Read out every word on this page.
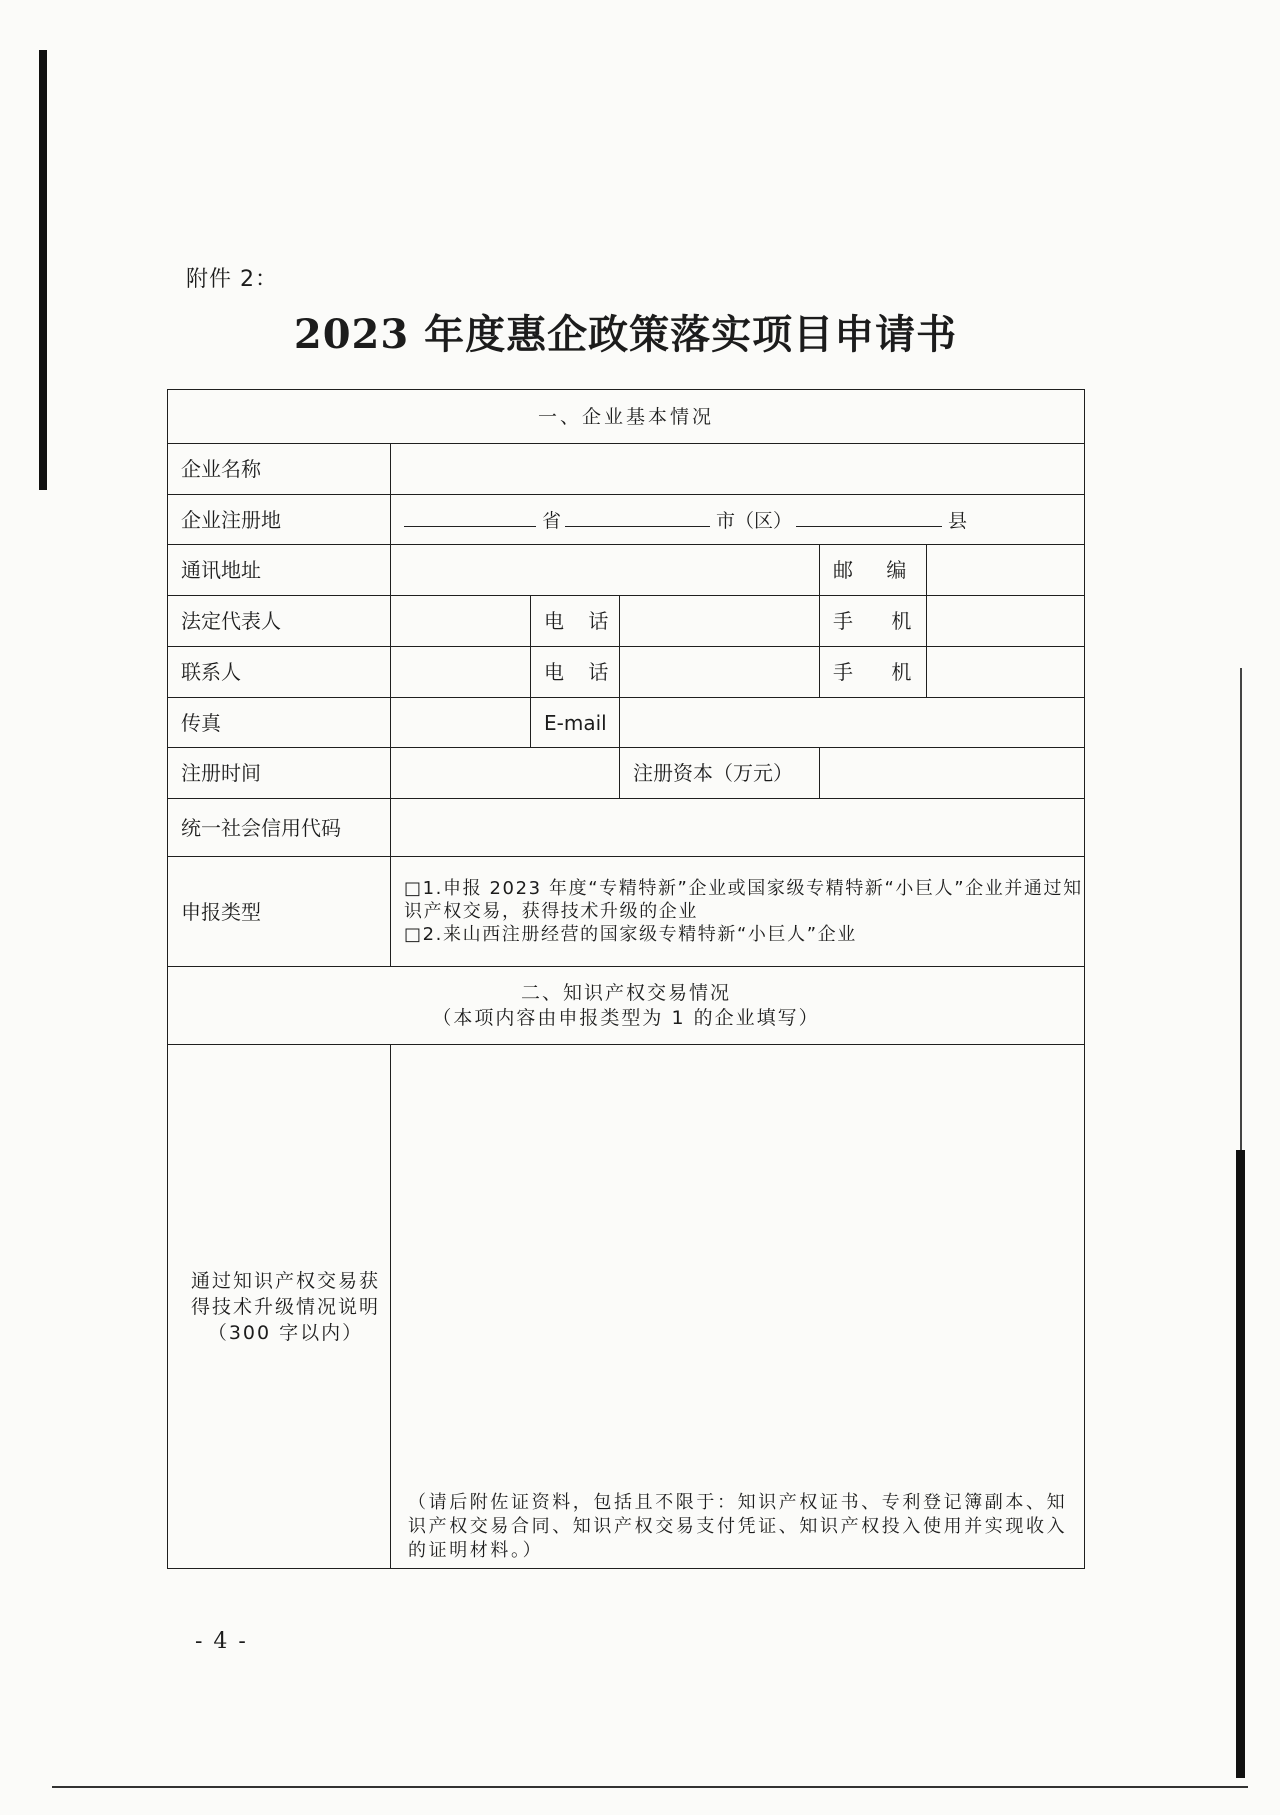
附件 2：
2023 年度惠企政策落实项目申请书
一、企业基本情况					
企业名称					
企业注册地	省 市（区） 县				
通讯地址				邮 编	
法定代表人		电 话		手 机	
联系人		电 话		手 机	
传真		E-mail			
注册时间			注册资本（万元）		
统一社会信用代码					
申报类型	□1.申报 2023 年度“专精特新”企业或国家级专精特新“小巨人”企业并通过知识产权交易，获得技术升级的企业
□2.来山西注册经营的国家级专精特新“小巨人”企业				

二、知识产权交易情况
（本项内容由申报类型为 1 的企业填写）					

通过知识产权交易获
得技术升级情况说明
（300 字以内）	（请后附佐证资料，包括且不限于：知识产权证书、专利登记簿副本、知识产权交易合同、知识产权交易支付凭证、知识产权投入使用并实现收入的证明材料。）				
- 4 -
